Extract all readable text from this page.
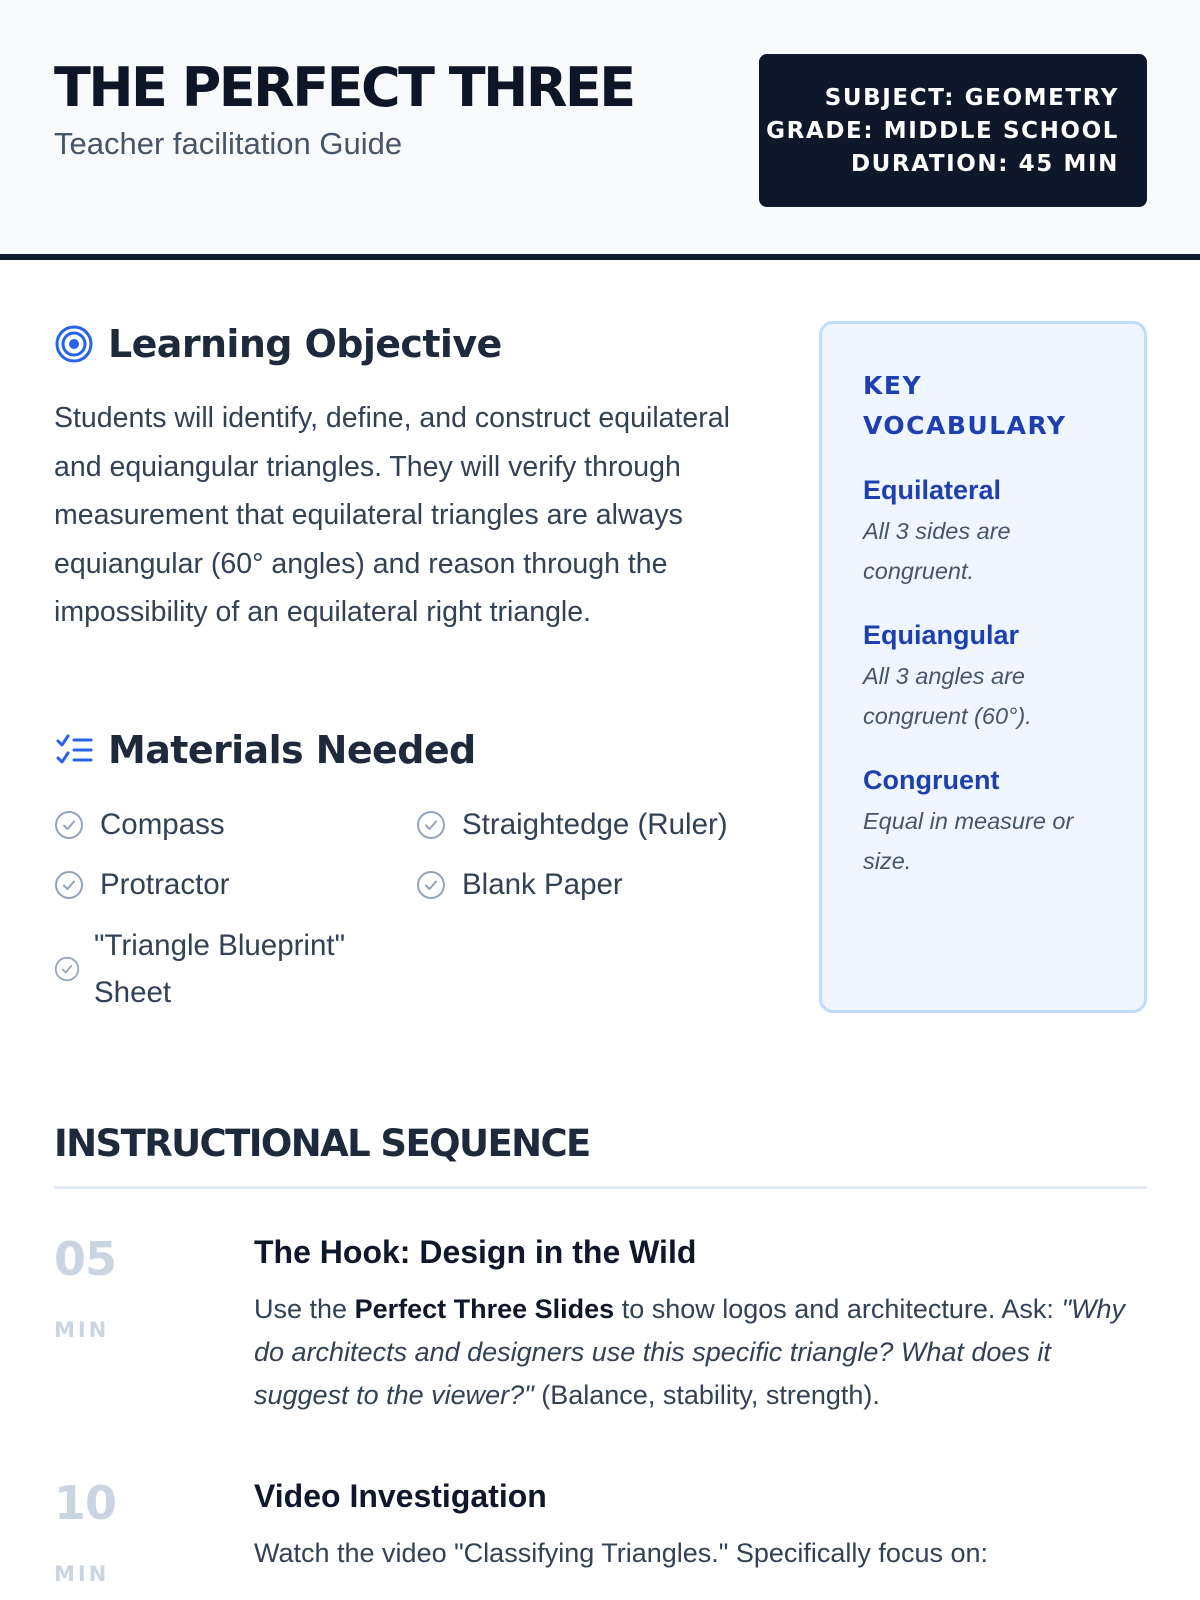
THE PERFECT THREE
Teacher facilitation Guide
SUBJECT: GEOMETRY
GRADE: MIDDLE SCHOOL
DURATION: 45 MIN
Learning Objective

Students will identify, define, and construct equilateral and equiangular triangles. They will verify through measurement that equilateral triangles are always equiangular (60° angles) and reason through the impossibility of an equilateral right triangle.

Materials Needed
Compass	Straightedge (Ruler)
Protractor	Blank Paper
"Triangle Blueprint" Sheet
KEY
VOCABULARY
Equilateral
All 3 sides are congruent.
Equiangular
All 3 angles are congruent (60°).
Congruent
Equal in measure or size.
INSTRUCTIONAL SEQUENCE
05
MIN
The Hook: Design in the Wild
Use the Perfect Three Slides to show logos and architecture. Ask: "Why do architects and designers use this specific triangle? What does it suggest to the viewer?" (Balance, stability, strength).
10
MIN
Video Investigation
Watch the video "Classifying Triangles." Specifically focus on:
